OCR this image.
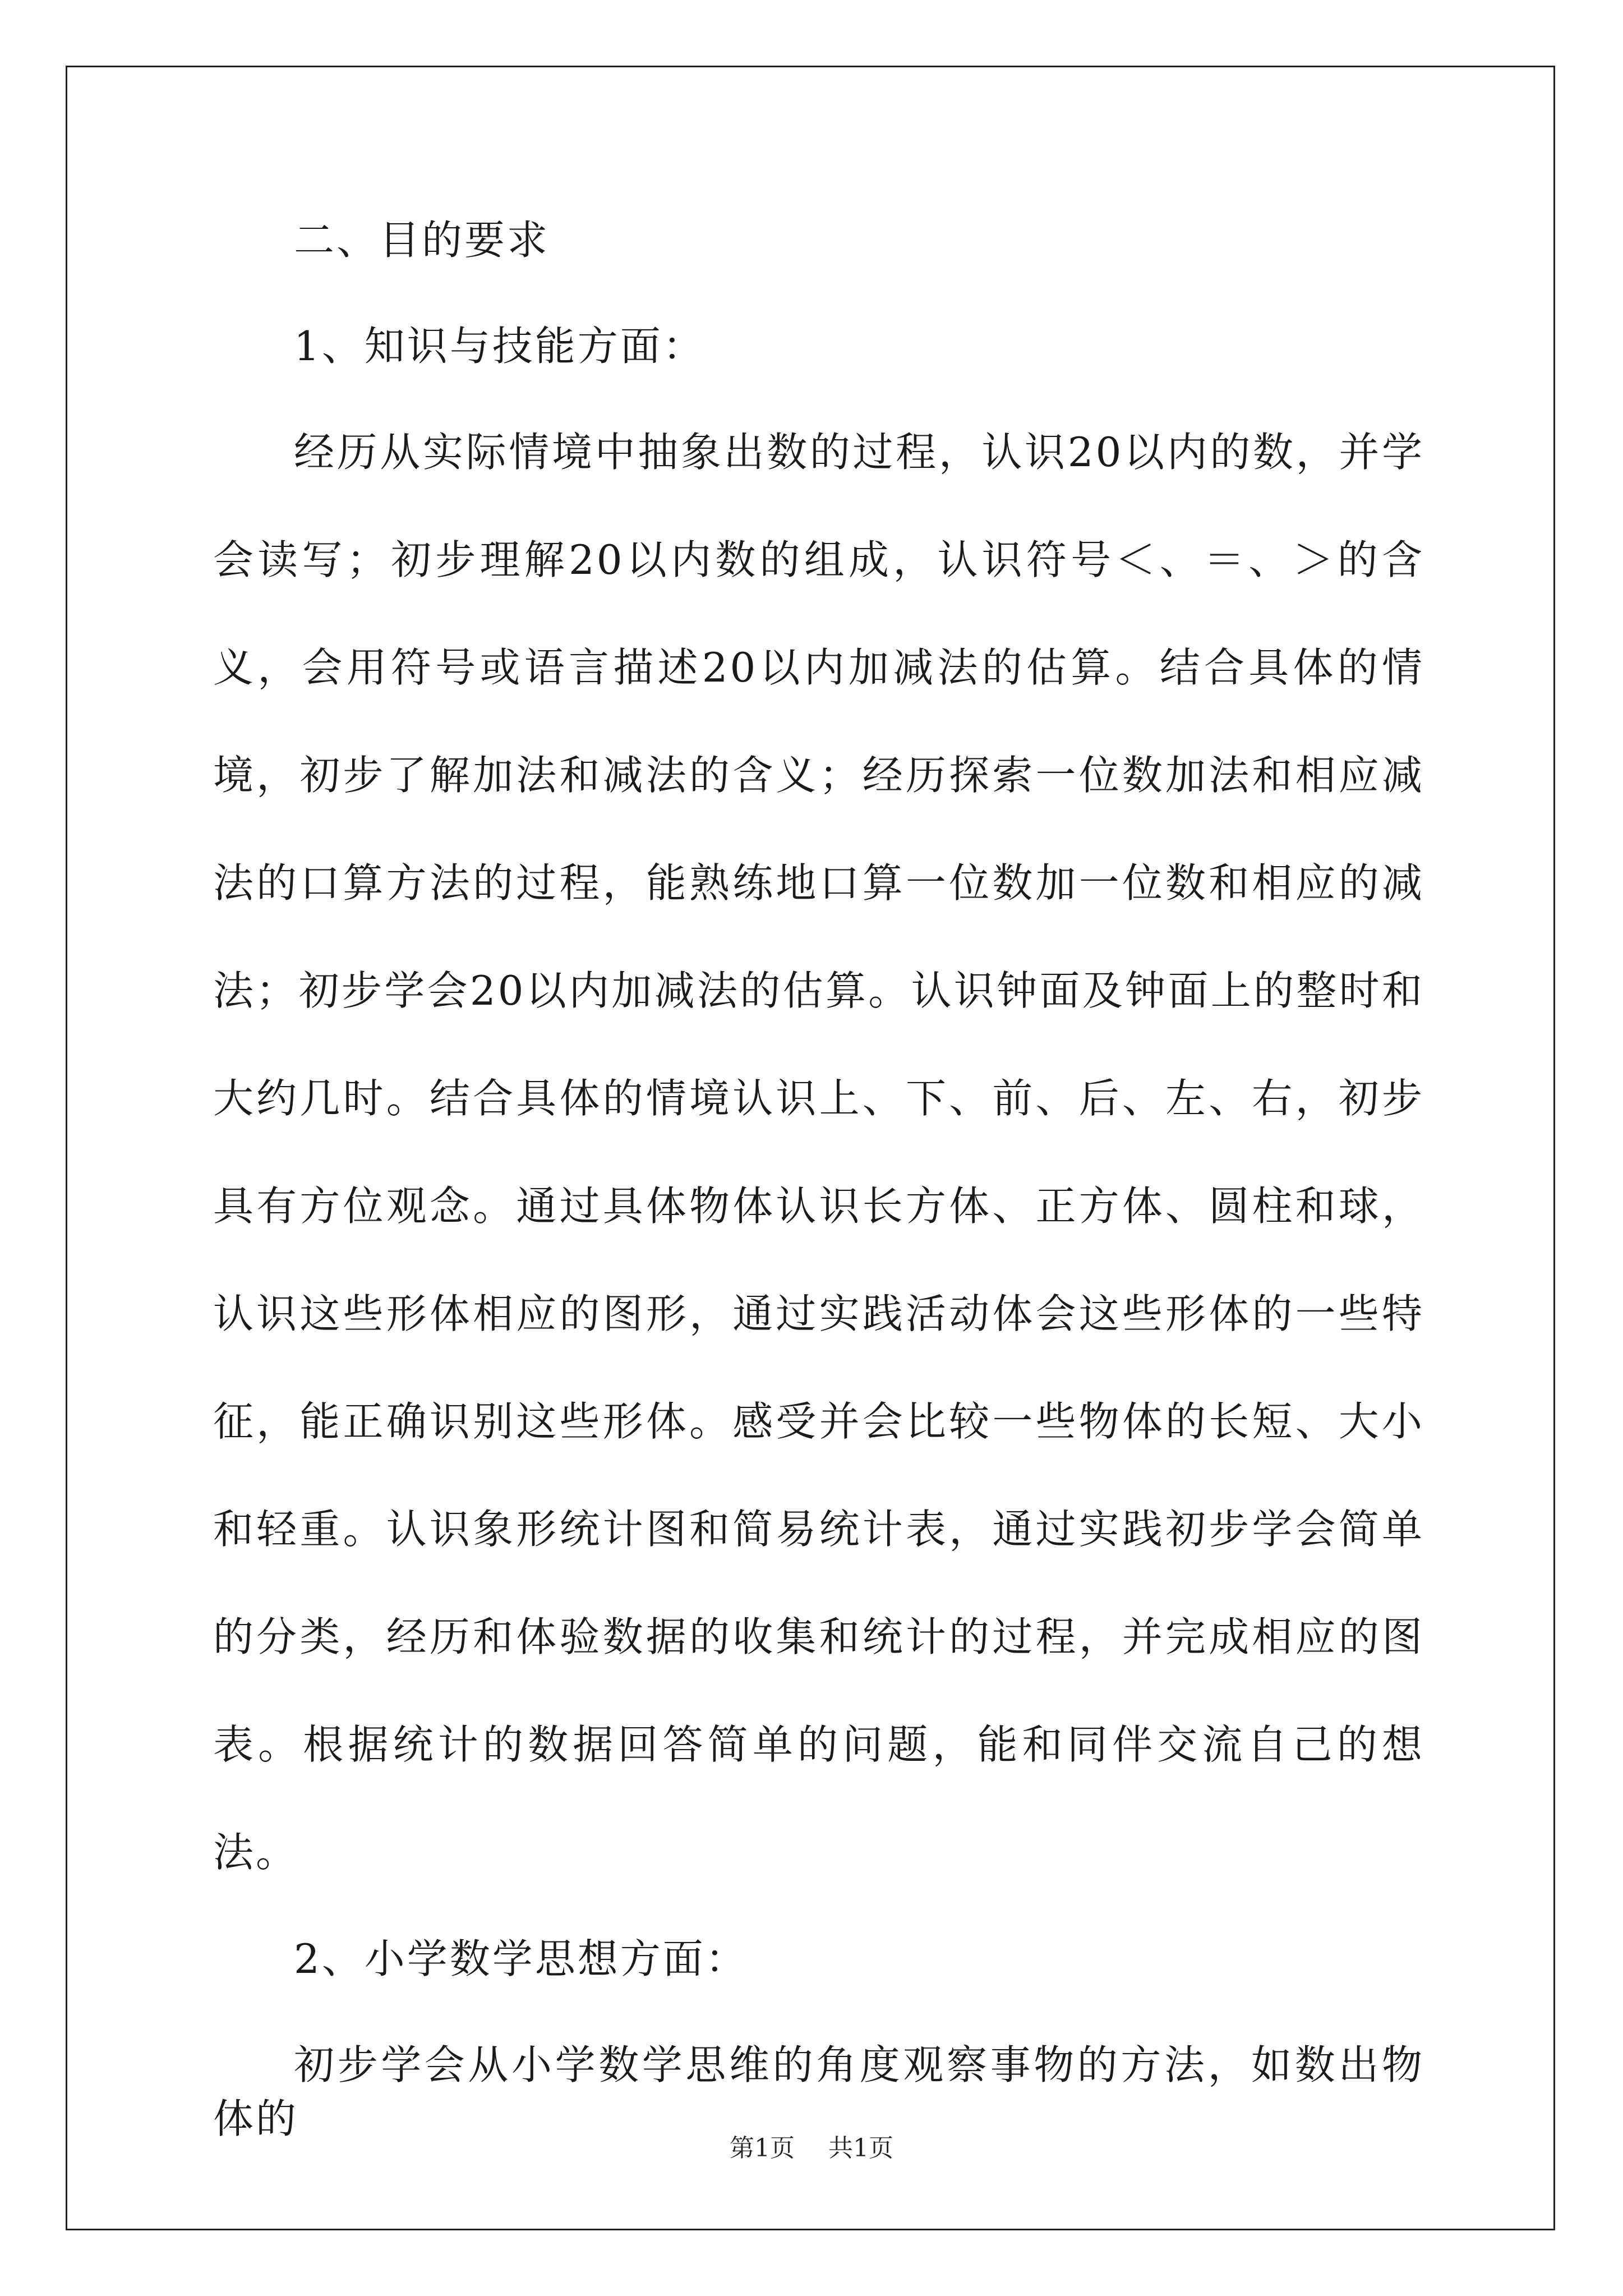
二、目的要求

1、知识与技能方面：

经历从实际情境中抽象出数的过程，认识20以内的数，并学会读写；初步理解20以内数的组成，认识符号＜、＝、＞的含义，会用符号或语言描述20以内加减法的估算。结合具体的情境，初步了解加法和减法的含义；经历探索一位数加法和相应减法的口算方法的过程，能熟练地口算一位数加一位数和相应的减法；初步学会20以内加减法的估算。认识钟面及钟面上的整时和大约几时。结合具体的情境认识上、下、前、后、左、右，初步具有方位观念。通过具体物体认识长方体、正方体、圆柱和球，认识这些形体相应的图形，通过实践活动体会这些形体的一些特征，能正确识别这些形体。感受并会比较一些物体的长短、大小和轻重。认识象形统计图和简易统计表，通过实践初步学会简单的分类，经历和体验数据的收集和统计的过程，并完成相应的图表。根据统计的数据回答简单的问题，能和同伴交流自己的想法。

2、小学数学思想方面：

初步学会从小学数学思维的角度观察事物的方法，如数出物体的

第1页 共1页
